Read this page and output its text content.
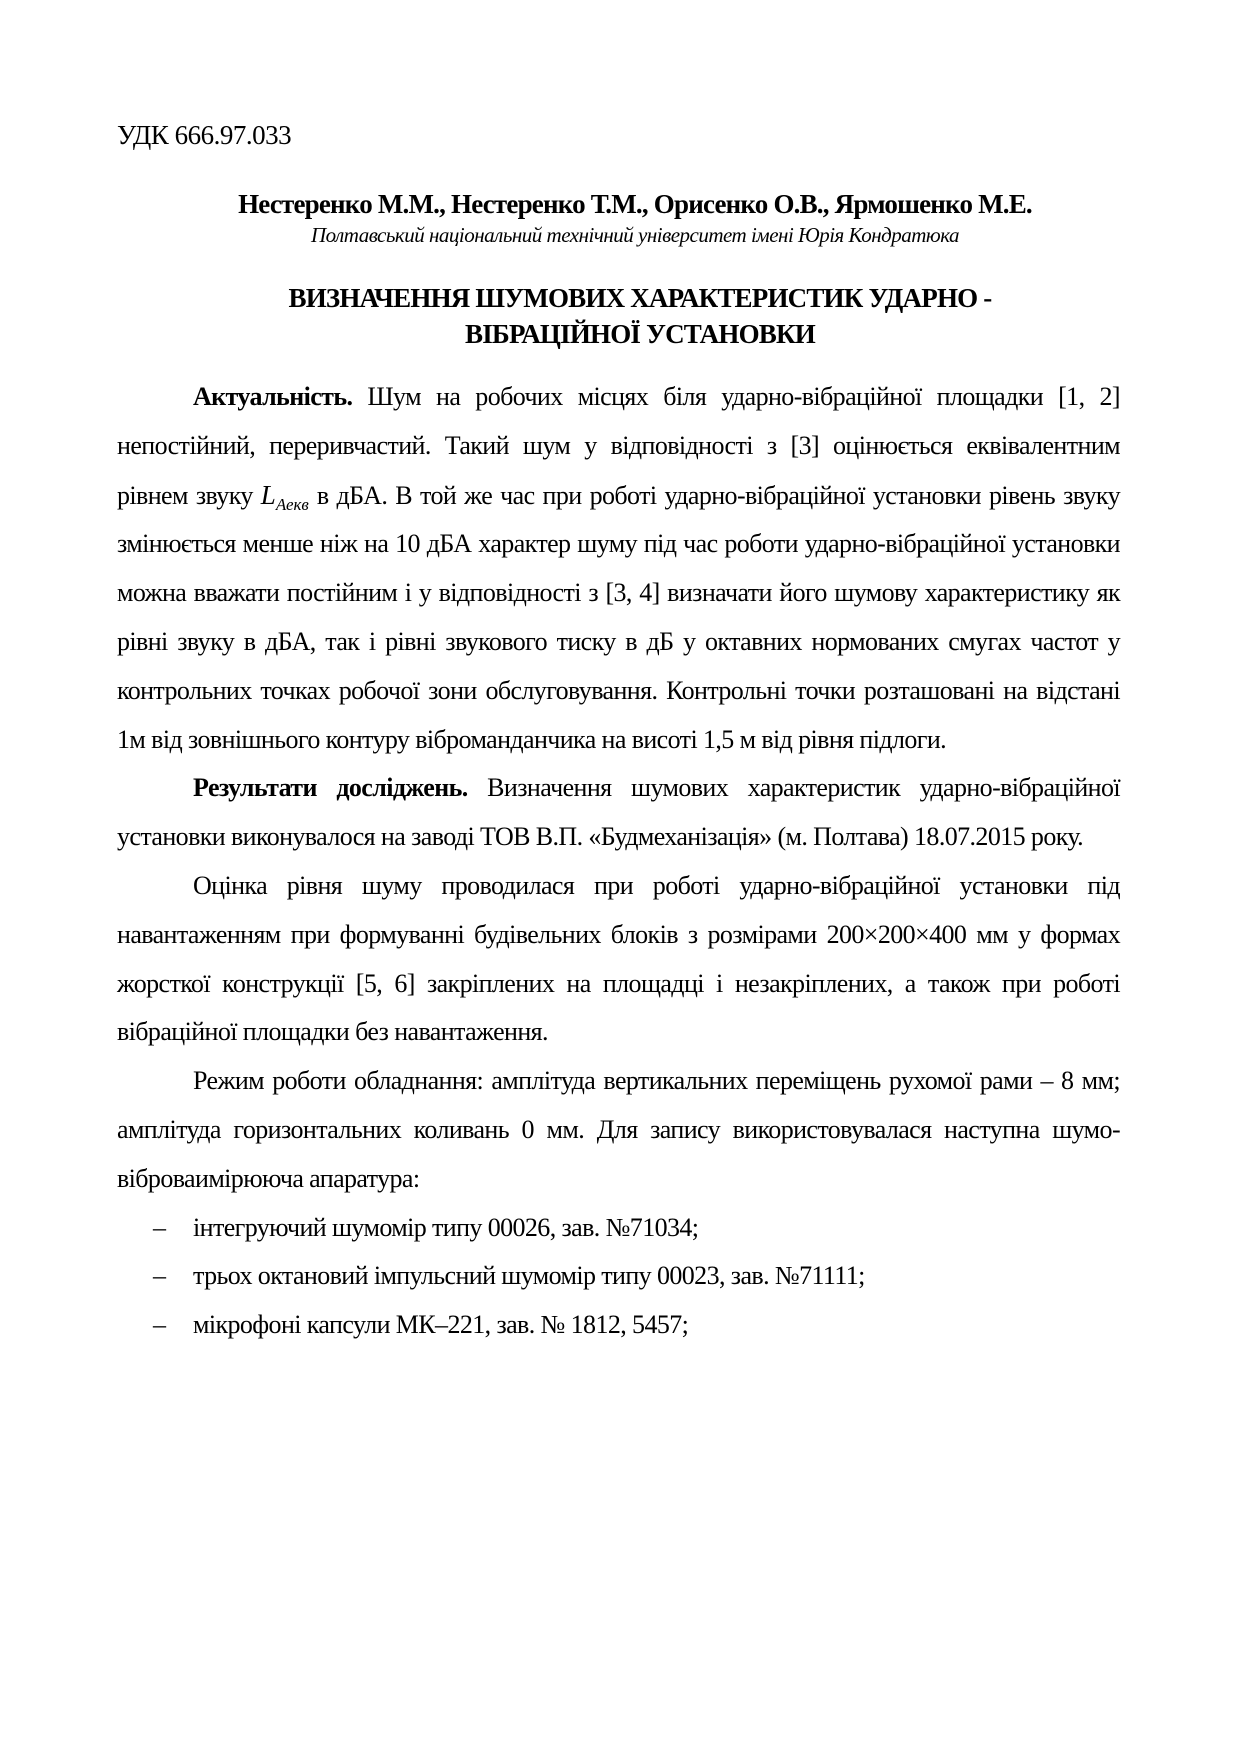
УДК 666.97.033
Нестеренко М.М., Нестеренко Т.М., Орисенко О.В., Ярмошенко М.Е.
Полтавський національний технічний університет імені Юрія Кондратюка
ВИЗНАЧЕННЯ ШУМОВИХ ХАРАКТЕРИСТИК УДАРНО -
ВІБРАЦІЙНОЇ УСТАНОВКИ

Актуальність. Шум на робочих місцях біля ударно-вібраційної площадки [1, 2] непостійний, переривчастий. Такий шум у відповідності з [3] оцінюється еквівалентним рівнем звуку $L_{Аекв}$ в дБА. В той же час при роботі ударно-вібраційної установки рівень звуку змінюється менше ніж на 10 дБА характер шуму під час роботи ударно-вібраційної установки можна вважати постійним і у відповідності з [3, 4] визначати його шумову характеристику як рівні звуку в дБА, так і рівні звукового тиску в дБ у октавних нормованих смугах частот у контрольних точках робочої зони обслуговування. Контрольні точки розташовані на відстані 1м від зовнішнього контуру віброманданчика на висоті 1,5 м від рівня підлоги.

Результати досліджень. Визначення шумових характеристик ударно-вібраційної установки виконувалося на заводі ТОВ В.П. «Будмеханізація» (м. Полтава) 18.07.2015 року.

Оцінка рівня шуму проводилася при роботі ударно-вібраційної установки під навантаженням при формуванні будівельних блоків з розмірами 200×200×400 мм у формах жорсткої конструкції [5, 6] закріплених на площадці і незакріплених, а також при роботі вібраційної площадки без навантаження.

Режим роботи обладнання: амплітуда вертикальних переміщень рухомої рами – 8 мм; амплітуда горизонтальних коливань 0 мм. Для запису використовувалася наступна шумо-віброваимірююча апаратура:

– інтегруючий шумомір типу 00026, зав. №71034;
– трьох октановий імпульсний шумомір типу 00023, зав. №71111;
– мікрофоні капсули МК–221, зав. № 1812, 5457;
